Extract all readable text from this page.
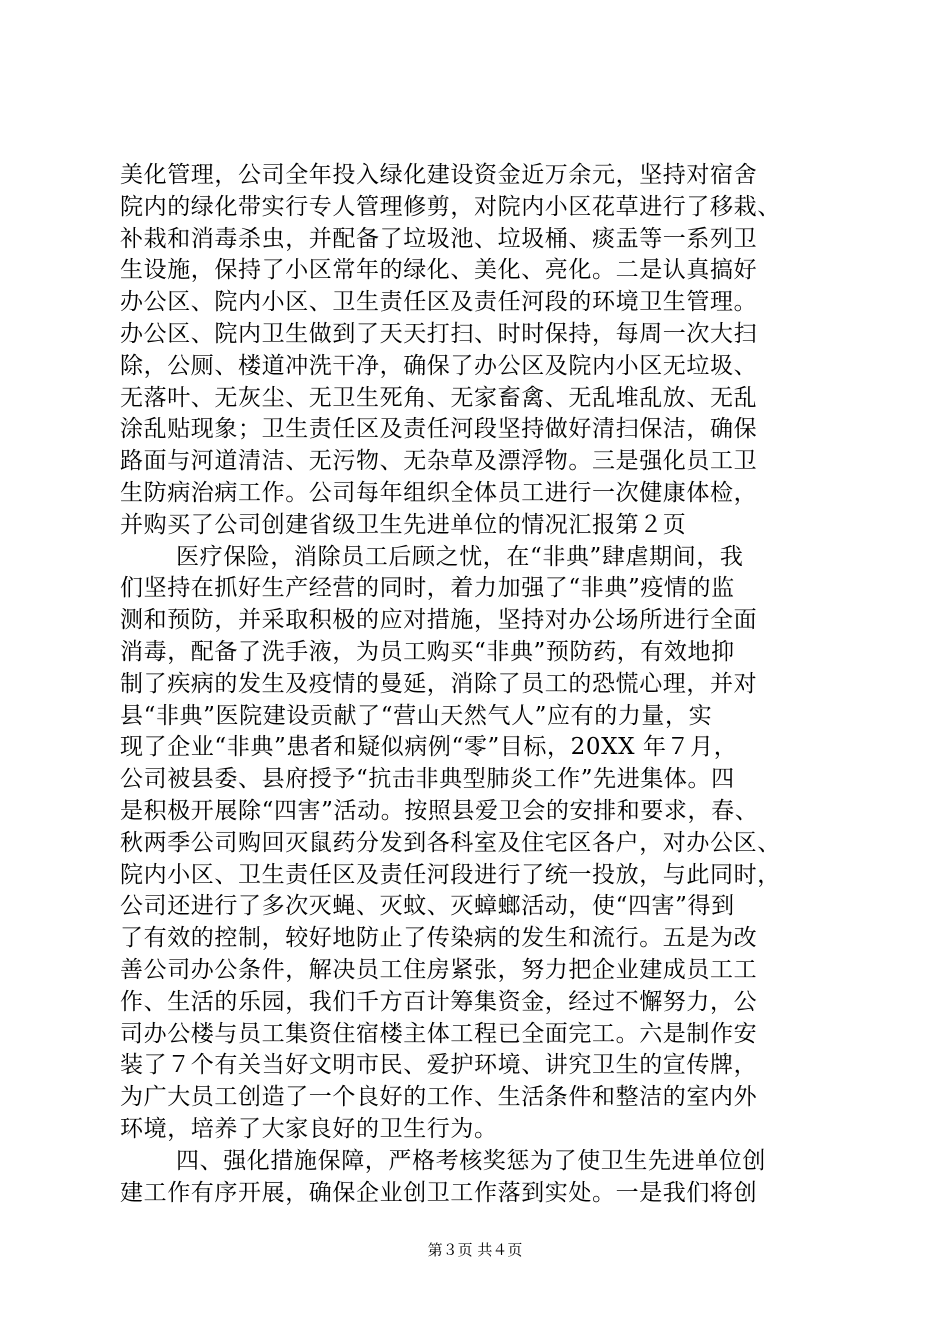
美化管理，公司全年投入绿化建设资金近万余元，坚持对宿舍
院内的绿化带实行专人管理修剪，对院内小区花草进行了移栽、
补栽和消毒杀虫，并配备了垃圾池、垃圾桶、痰盂等一系列卫
生设施，保持了小区常年的绿化、美化、亮化。二是认真搞好
办公区、院内小区、卫生责任区及责任河段的环境卫生管理。
办公区、院内卫生做到了天天打扫、时时保持，每周一次大扫
除，公厕、楼道冲洗干净，确保了办公区及院内小区无垃圾、
无落叶、无灰尘、无卫生死角、无家畜禽、无乱堆乱放、无乱
涂乱贴现象；卫生责任区及责任河段坚持做好清扫保洁，确保
路面与河道清洁、无污物、无杂草及漂浮物。三是强化员工卫
生防病治病工作。公司每年组织全体员工进行一次健康体检，
并购买了公司创建省级卫生先进单位的情况汇报第２页
医疗保险，消除员工后顾之忧，在“非典”肆虐期间，我
们坚持在抓好生产经营的同时，着力加强了“非典”疫情的监
测和预防，并采取积极的应对措施，坚持对办公场所进行全面
消毒，配备了洗手液，为员工购买“非典”预防药，有效地抑
制了疾病的发生及疫情的曼延，消除了员工的恐慌心理，并对
县“非典”医院建设贡献了“营山天然气人”应有的力量，实
现了企业“非典”患者和疑似病例“零”目标，20XX 年７月，
公司被县委、县府授予“抗击非典型肺炎工作”先进集体。四
是积极开展除“四害”活动。按照县爱卫会的安排和要求，春、
秋两季公司购回灭鼠药分发到各科室及住宅区各户，对办公区、
院内小区、卫生责任区及责任河段进行了统一投放，与此同时，
公司还进行了多次灭蝇、灭蚊、灭蟑螂活动，使“四害”得到
了有效的控制，较好地防止了传染病的发生和流行。五是为改
善公司办公条件，解决员工住房紧张，努力把企业建成员工工
作、生活的乐园，我们千方百计筹集资金，经过不懈努力，公
司办公楼与员工集资住宿楼主体工程已全面完工。六是制作安
装了７个有关当好文明市民、爱护环境、讲究卫生的宣传牌，
为广大员工创造了一个良好的工作、生活条件和整洁的室内外
环境，培养了大家良好的卫生行为。
四、强化措施保障，严格考核奖惩为了使卫生先进单位创
建工作有序开展，确保企业创卫工作落到实处。一是我们将创
第３页 共４页
